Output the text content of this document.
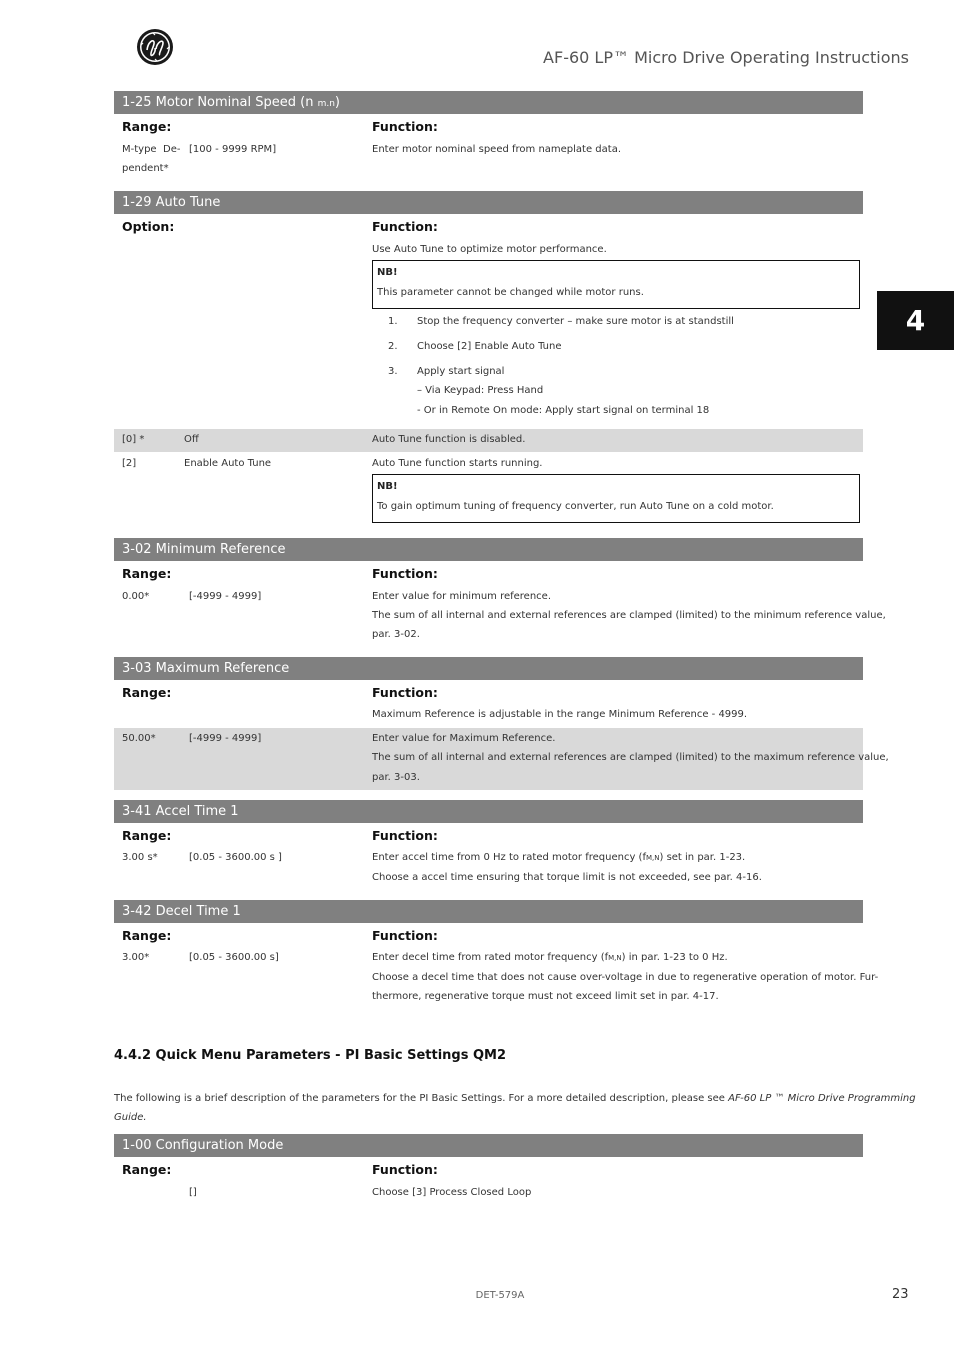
AF-60 LP™ Micro Drive Operating Instructions
4
1-25 Motor Nominal Speed (n m.n)
Range:	Function:
M-type De-
pendent*
[100 - 9999 RPM]	Enter motor nominal speed from nameplate data.
1-29 Auto Tune
Option:	Function:
Use Auto Tune to optimize motor performance.
NB!
This parameter cannot be changed while motor runs.
1. Stop the frequency converter – make sure motor is at standstill
2. Choose [2] Enable Auto Tune
3. Apply start signal
– Via Keypad: Press Hand
- Or in Remote On mode: Apply start signal on terminal 18
[0] *	Off	Auto Tune function is disabled.
[2]	Enable Auto Tune	Auto Tune function starts running.
NB!
To gain optimum tuning of frequency converter, run Auto Tune on a cold motor.
3-02 Minimum Reference
Range:	Function:
0.00*	[-4999 - 4999]	Enter value for minimum reference.
The sum of all internal and external references are clamped (limited) to the minimum reference value,
par. 3-02.
3-03 Maximum Reference
Range:	Function:
Maximum Reference is adjustable in the range Minimum Reference - 4999.
50.00*	[-4999 - 4999]	Enter value for Maximum Reference.
The sum of all internal and external references are clamped (limited) to the maximum reference value,
par. 3-03.
3-41 Accel Time 1
Range:	Function:
3.00 s*	[0.05 - 3600.00 s ]	Enter accel time from 0 Hz to rated motor frequency (fM,N) set in par. 1-23.
Choose a accel time ensuring that torque limit is not exceeded, see par. 4-16.
3-42 Decel Time 1
Range:	Function:
3.00*	[0.05 - 3600.00 s]	Enter decel time from rated motor frequency (fM,N) in par. 1-23 to 0 Hz.
Choose a decel time that does not cause over-voltage in due to regenerative operation of motor. Fur-
thermore, regenerative torque must not exceed limit set in par. 4-17.
4.4.2 Quick Menu Parameters - PI Basic Settings QM2
The following is a brief description of the parameters for the PI Basic Settings. For a more detailed description, please see AF-60 LP ™ Micro Drive Programming
Guide.
1-00 Configuration Mode
Range:	Function:
[]	Choose [3] Process Closed Loop
DET-579A	23
